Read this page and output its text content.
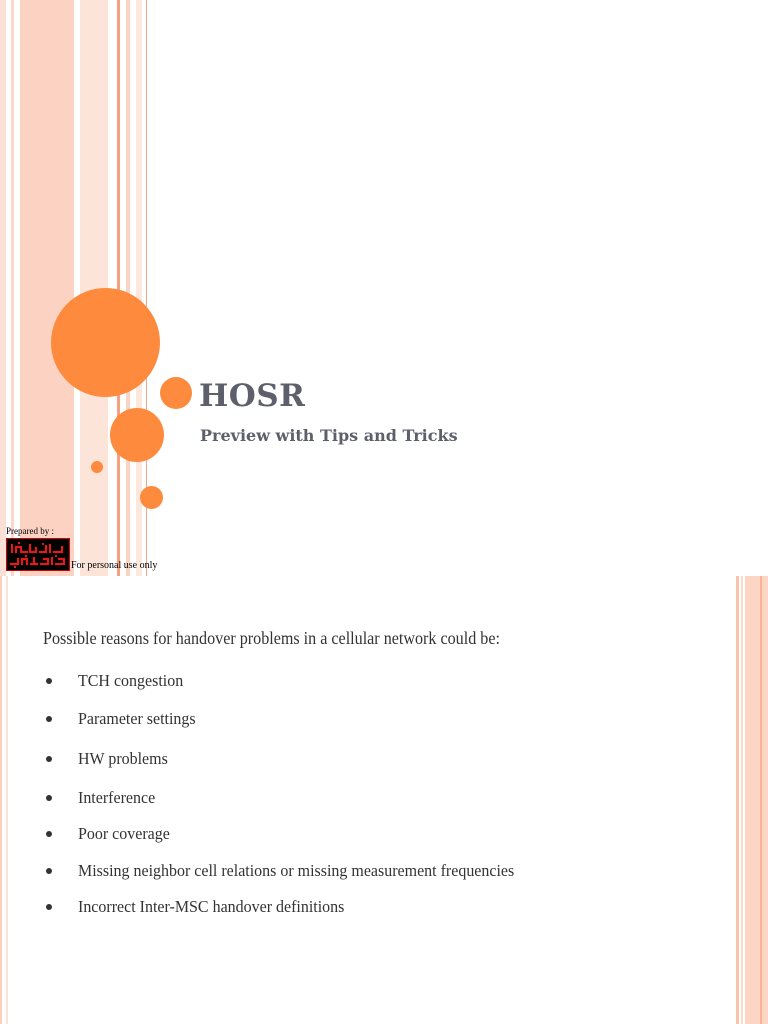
HOSR
Preview with Tips and Tricks
Prepared by :
For personal use only
Possible reasons for handover problems in a cellular network could be:
TCH congestion
Parameter settings
HW problems
Interference
Poor coverage
Missing neighbor cell relations or missing measurement frequencies
Incorrect Inter-MSC handover definitions
